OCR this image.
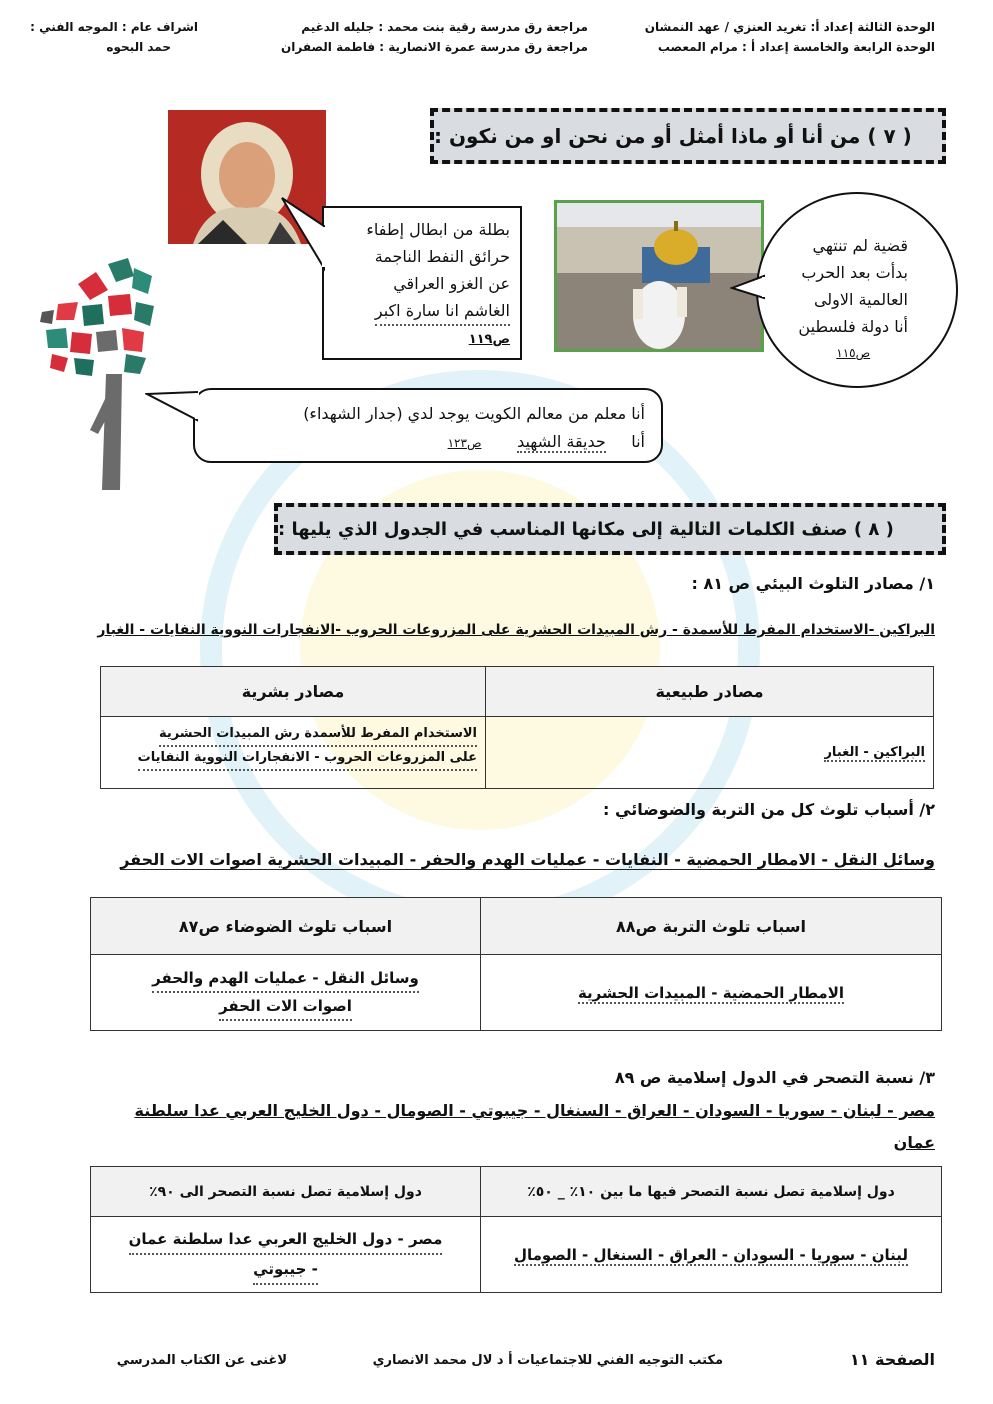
الوحدة الثالثة إعداد أ: تغريد العنزي / عهد النمشان
الوحدة الرابعة والخامسة إعداد أ : مرام المعصب
مراجعة رق مدرسة رقية بنت محمد : جليله الدغيم
مراجعة رق مدرسة عمرة الانصارية : فاطمة الصفران
اشراف عام : الموجه الفني :
حمد البحوه
( ٧ ) من أنا أو ماذا أمثل أو من نحن او من نكون :
بطلة من ابطال إطفاء
حرائق النفط الناجمة
عن الغزو العراقي
الغاشم انا سارة اكبر
ص١١٩
قضية لم تنتهي
بدأت بعد الحرب
العالمية الاولى
أنا دولة فلسطين
ص١١٥
أنا معلم من معالم الكويت يوجد لدي (جدار الشهداء)
أنا     حديقة الشهيد       ص١٢٣
( ٨ ) صنف الكلمات التالية إلى مكانها المناسب في الجدول الذي يليها :
١/ مصادر التلوث البيئي ص ٨١ :
البراكين -الاستخدام المفرط للأسمدة - رش المبيدات الحشرية على المزروعات الحروب -الانفجارات النووية النفايات - الغبار
مصادر طبيعية	مصادر بشرية
البراكين - الغبار	الاستخدام المفرط للأسمدة رش المبيدات الحشرية
على المزروعات الحروب - الانفجارات النووية النفايات
٢/ أسباب تلوث كل من التربة والضوضائي :
وسائل النقل - الامطار الحمضية - النفايات - عمليات الهدم والحفر - المبيدات الحشرية اصوات الات الحفر
اسباب تلوث التربة ص٨٨	اسباب تلوث الضوضاء ص٨٧
الامطار الحمضية - المبيدات الحشرية	وسائل النقل - عمليات الهدم والحفر
اصوات الات الحفر
٣/ نسبة التصحر في الدول إسلامية ص ٨٩
مصر - لبنان - سوريا - السودان - العراق - السنغال - جيبوتي - الصومال - دول الخليج العربي عدا سلطنة
عمان
دول إسلامية تصل نسبة التصحر فيها ما بين ١٠٪ _ ٥٠٪	دول إسلامية تصل نسبة التصحر الى ٩٠٪
لبنان - سوريا - السودان - العراق - السنغال - الصومال	مصر - دول الخليج العربي عدا سلطنة عمان
- جيبوتي
الصفحة ١١
مكتب التوجيه الفني للاجتماعيات أ د لال محمد الانصاري
لاغنى عن الكتاب المدرسي
